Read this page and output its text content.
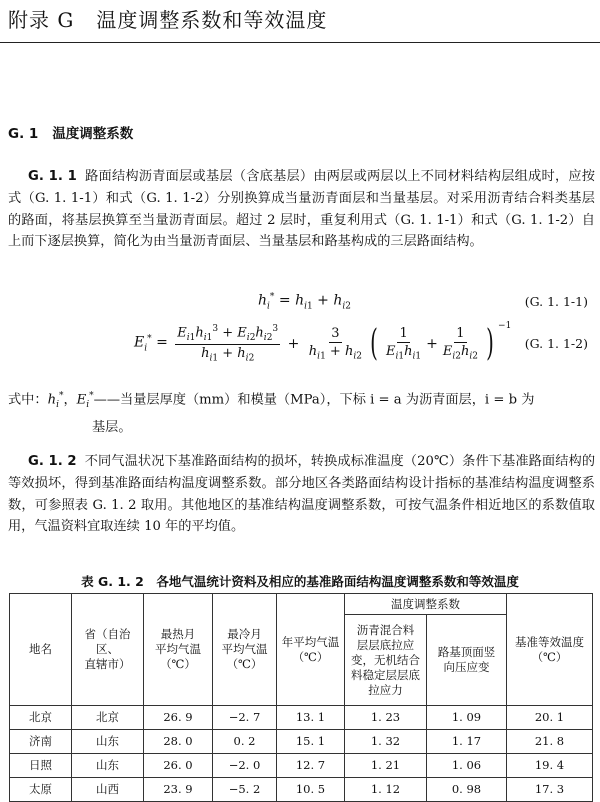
附录 G 温度调整系数和等效温度
G. 1 温度调整系数

G. 1. 1 路面结构沥青面层或基层（含底基层）由两层或两层以上不同材料结构层组成时，应按式（G. 1. 1-1）和式（G. 1. 1-2）分别换算成当量沥青面层和当量基层。对采用沥青结合料类基层的路面，将基层换算至当量沥青面层。超过 2 层时，重复利用式（G. 1. 1-1）和式（G. 1. 1-2）自上而下逐层换算，简化为由当量沥青面层、当量基层和路基构成的三层路面结构。

$h_i^* = h_{i1} + h_{i2}$	(G. 1. 1-1)
$E_i^* = \frac{E_{i1}h_{i1}^3 + E_{i2}h_{i2}^3}{h_{i1} + h_{i2}} + \frac{3}{h_{i1} + h_{i2}}$ ( $\frac{1}{E_{i1}h_{i1}} + \frac{1}{E_{i2}h_{i2}}$ ) −1
(G. 1. 1-2)
式中：$h_i^*$，$E_i^*——$当量层厚度（mm）和模量（MPa），下标 i = a 为沥青面层，i = b 为
基层。

G. 1. 2 不同气温状况下基准路面结构的损坏，转换成标准温度（20℃）条件下基准路面结构的等效损坏，得到基准路面结构温度调整系数。部分地区各类路面结构设计指标的基准结构温度调整系数，可参照表 G. 1. 2 取用。其他地区的基准结构温度调整系数，可按气温条件相近地区的系数值取用，气温资料宜取连续 10 年的平均值。

表 G. 1. 2　各地气温统计资料及相应的基准路面结构温度调整系数和等效温度

地名	省（自治区、
直辖市）	最热月
平均气温
（℃）	最冷月
平均气温
（℃）	年平均气温
（℃）	温度调整系数		基准等效温度
（℃）

					沥青混合料
层层底拉应
变，无机结合
料稳定层层底
拉应力	路基顶面竖
向压应变	

北京	北京	26. 9	−2. 7	13. 1	1. 23	1. 09	20. 1
济南	山东	28. 0	0. 2	15. 1	1. 32	1. 17	21. 8
日照	山东	26. 0	−2. 0	12. 7	1. 21	1. 06	19. 4
太原	山西	23. 9	−5. 2	10. 5	1. 12	0. 98	17. 3
